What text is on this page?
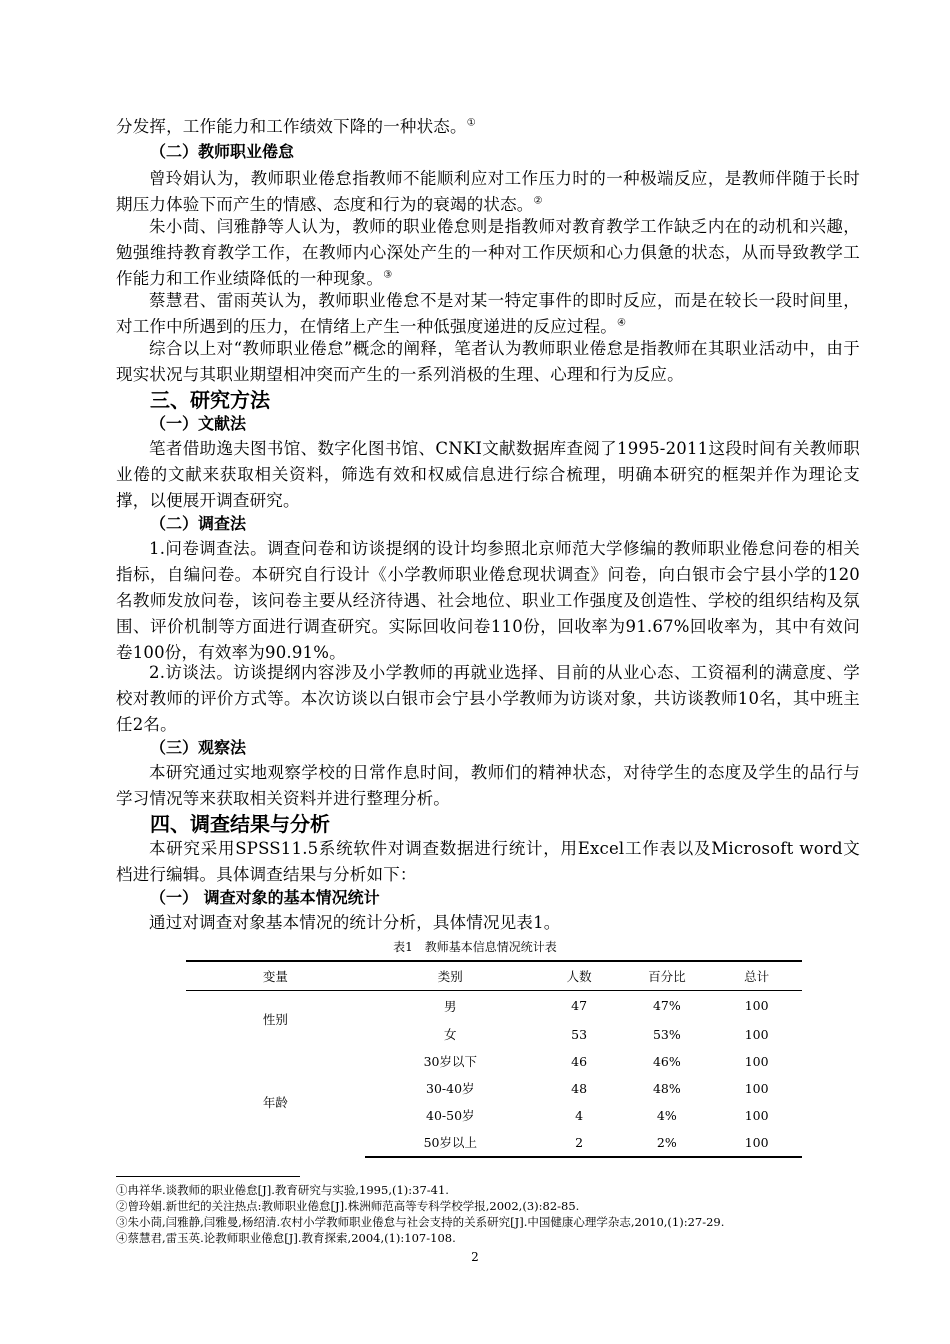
分发挥，工作能力和工作绩效下降的一种状态。①

（二）教师职业倦怠

曾玲娟认为，教师职业倦怠指教师不能顺利应对工作压力时的一种极端反应，是教师伴随于长时期压力体验下而产生的情感、态度和行为的衰竭的状态。②

朱小茼、闫雅静等人认为，教师的职业倦怠则是指教师对教育教学工作缺乏内在的动机和兴趣，勉强维持教育教学工作，在教师内心深处产生的一种对工作厌烦和心力俱惫的状态，从而导致教学工作能力和工作业绩降低的一种现象。③

蔡慧君、雷雨英认为，教师职业倦怠不是对某一特定事件的即时反应，而是在较长一段时间里，对工作中所遇到的压力，在情绪上产生一种低强度递进的反应过程。④

综合以上对“教师职业倦怠”概念的阐释，笔者认为教师职业倦怠是指教师在其职业活动中，由于现实状况与其职业期望相冲突而产生的一系列消极的生理、心理和行为反应。

三、研究方法

（一）文献法

笔者借助逸夫图书馆、数字化图书馆、CNKI文献数据库查阅了1995-2011这段时间有关教师职业倦的文献来获取相关资料，筛选有效和权威信息进行综合梳理，明确本研究的框架并作为理论支撑，以便展开调查研究。

（二）调查法

1.问卷调查法。调查问卷和访谈提纲的设计均参照北京师范大学修编的教师职业倦怠问卷的相关指标，自编问卷。本研究自行设计《小学教师职业倦怠现状调查》问卷，向白银市会宁县小学的120名教师发放问卷，该问卷主要从经济待遇、社会地位、职业工作强度及创造性、学校的组织结构及氛围、评价机制等方面进行调查研究。实际回收问卷110份，回收率为91.67%回收率为，其中有效问卷100份，有效率为90.91%。

2.访谈法。访谈提纲内容涉及小学教师的再就业选择、目前的从业心态、工资福利的满意度、学校对教师的评价方式等。本次访谈以白银市会宁县小学教师为访谈对象，共访谈教师10名，其中班主任2名。

（三）观察法

本研究通过实地观察学校的日常作息时间，教师们的精神状态，对待学生的态度及学生的品行与学习情况等来获取相关资料并进行整理分析。

四、调查结果与分析

本研究采用SPSS11.5系统软件对调查数据进行统计，用Excel工作表以及Microsoft word文档进行编辑。具体调查结果与分析如下：

（一） 调查对象的基本情况统计

通过对调查对象基本情况的统计分析，具体情况见表1。

表1　教师基本信息情况统计表
变量	类别	人数	百分比	总计
性别	男	47	47%	100
	女	53	53%	100
年龄	30岁以下	46	46%	100
	30-40岁	48	48%	100
	40-50岁	4	4%	100
	50岁以上	2	2%	100

①冉祥华.谈教师的职业倦怠[J].教育研究与实验,1995,(1):37-41.

②曾玲娟.新世纪的关注热点:教师职业倦怠[J].株洲师范高等专科学校学报,2002,(3):82-85.

③朱小茼,闫雅静,闫雅曼,杨绍清.农村小学教师职业倦怠与社会支持的关系研究[J].中国健康心理学杂志,2010,(1):27-29.

④蔡慧君,雷玉英.论教师职业倦怠[J].教育探索,2004,(1):107-108.

2
